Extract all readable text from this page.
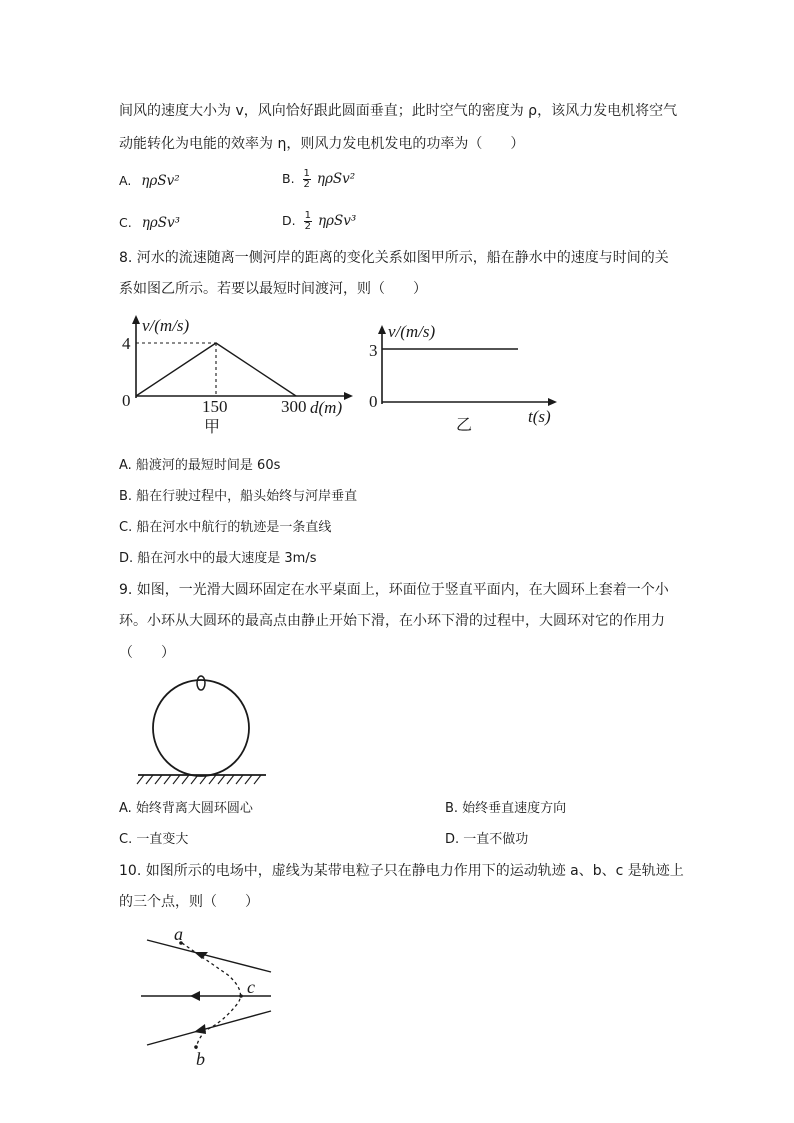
间风的速度大小为 v，风向恰好跟此圆面垂直；此时空气的密度为 ρ，该风力发电机将空气
动能转化为电能的效率为 η，则风力发电机发电的功率为（　　）
A. ηρSv²	B. $\frac{1}{2} \eta\rho Sv^2$
C. ηρSv³	D. $\frac{1}{2} \eta\rho Sv^3$
8. 河水的流速随离一侧河岸的距离的变化关系如图甲所示，船在静水中的速度与时间的关
系如图乙所示。若要以最短时间渡河，则（　　）
v/(m/s)
4
0	150	300 d(m)
甲
v/(m/s)
3
0
t(s)
乙
A. 船渡河的最短时间是 60s
B. 船在行驶过程中，船头始终与河岸垂直
C. 船在河水中航行的轨迹是一条直线
D. 船在河水中的最大速度是 3m/s
9. 如图，一光滑大圆环固定在水平桌面上，环面位于竖直平面内，在大圆环上套着一个小
环。小环从大圆环的最高点由静止开始下滑，在小环下滑的过程中，大圆环对它的作用力
（　　）
A. 始终背离大圆环圆心	B. 始终垂直速度方向
C. 一直变大	D. 一直不做功
10. 如图所示的电场中，虚线为某带电粒子只在静电力作用下的运动轨迹 a、b、c 是轨迹上
的三个点，则（　　）
a
c
b
